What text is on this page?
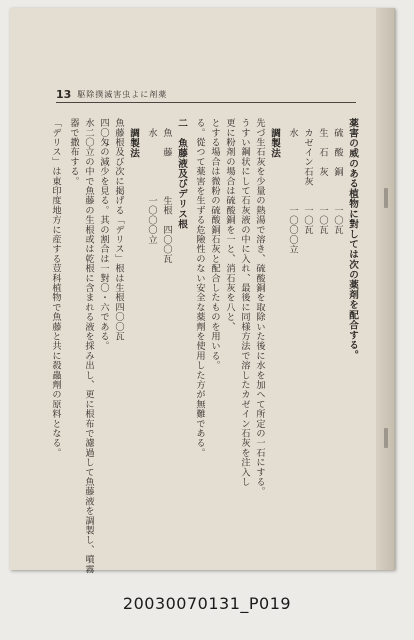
13 駆除撲滅害虫よに剤薬
薬害の威のある植物に對しては次の薬剤を配合する。
硫　酸　銅　　　一〇瓦
生　石　灰　　　一〇瓦
カゼイン石灰　　一〇瓦
水　　　　　　　一〇〇〇立
調製法
先づ生石灰を少量の熱湯で溶き、硫酸銅を取除いた後に水を加へて所定の一石にする。
うすい鋼状にして石灰液の中に入れ、最後に同様方法で溶したカゼイン石灰を注入し
更に粉剤の場合は硫酸銅を一と、消石灰を八と、
とする場合は微粉の硫酸銅石灰と配合したものを用いる。
る。從つて薬害を生ずる危險性のない安全な薬劑を使用した方が無難である。
二　魚藤液及びデリス根
魚　藤　　　　生根　四〇〇瓦
水　　　　　　一〇〇〇立
調製法
魚藤根及び次に掲げる「デリス」根は生根四〇〇瓦
四〇匁の減少を見る。其の割合は一對〇・六である。
水二〇立の中で魚藤の生根或は乾根に含まれる液を採み出し、更に根布で濾過して魚藤液を調製し、噴霧
器で撒布する。
「デリス」は東印度地方に産する荳科植物で魚藤と共に殺蟲劑の原料となる。
20030070131_P019
